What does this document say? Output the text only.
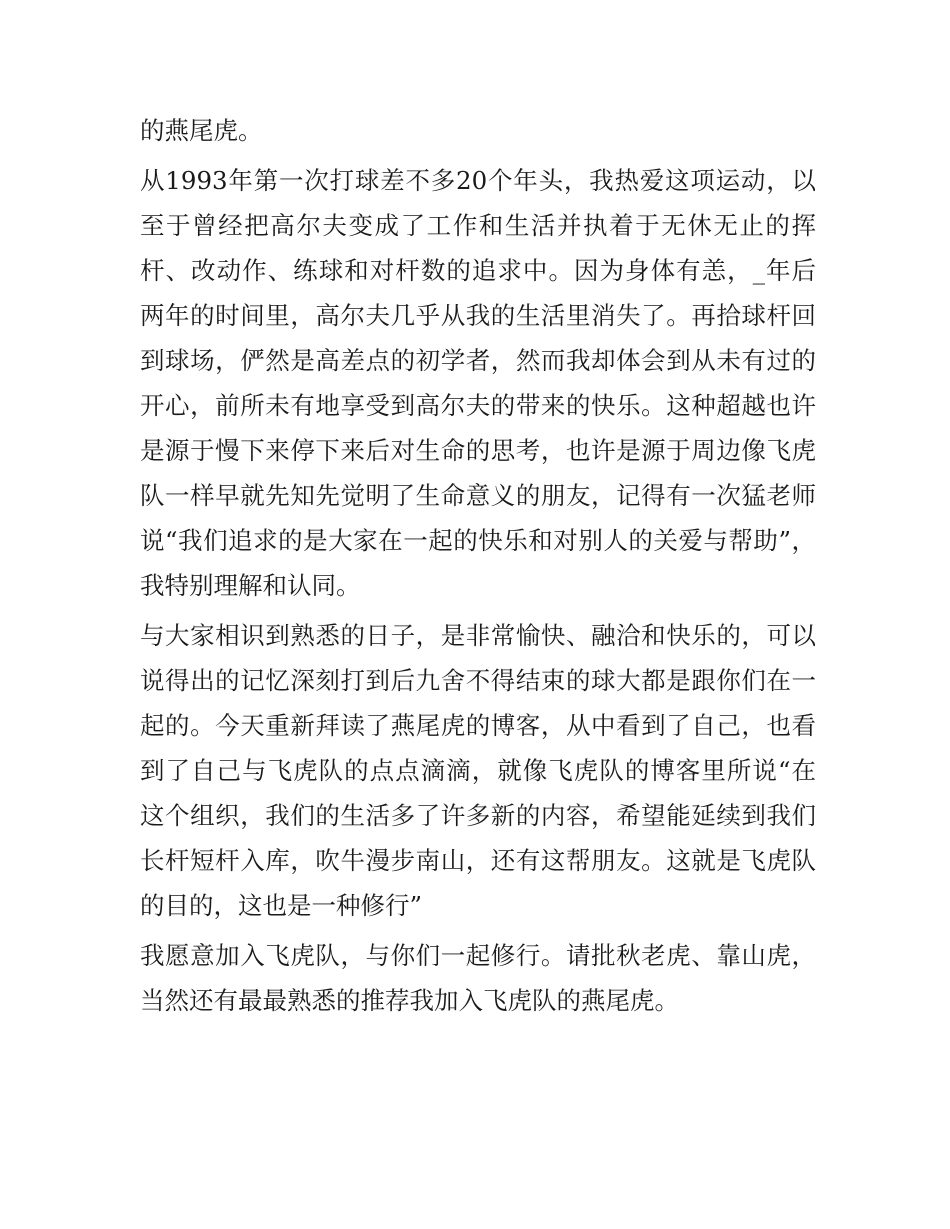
的燕尾虎。
从1993年第一次打球差不多20个年头，我热爱这项运动，以
至于曾经把高尔夫变成了工作和生活并执着于无休无止的挥
杆、改动作、练球和对杆数的追求中。因为身体有恙，_年后
两年的时间里，高尔夫几乎从我的生活里消失了。再拾球杆回
到球场，俨然是高差点的初学者，然而我却体会到从未有过的
开心，前所未有地享受到高尔夫的带来的快乐。这种超越也许
是源于慢下来停下来后对生命的思考，也许是源于周边像飞虎
队一样早就先知先觉明了生命意义的朋友，记得有一次猛老师
说“我们追求的是大家在一起的快乐和对别人的关爱与帮助”，
我特别理解和认同。
与大家相识到熟悉的日子，是非常愉快、融洽和快乐的，可以
说得出的记忆深刻打到后九舍不得结束的球大都是跟你们在一
起的。今天重新拜读了燕尾虎的博客，从中看到了自己，也看
到了自己与飞虎队的点点滴滴，就像飞虎队的博客里所说“在
这个组织，我们的生活多了许多新的内容，希望能延续到我们
长杆短杆入库，吹牛漫步南山，还有这帮朋友。这就是飞虎队
的目的，这也是一种修行”
我愿意加入飞虎队，与你们一起修行。请批秋老虎、靠山虎，
当然还有最最熟悉的推荐我加入飞虎队的燕尾虎。
